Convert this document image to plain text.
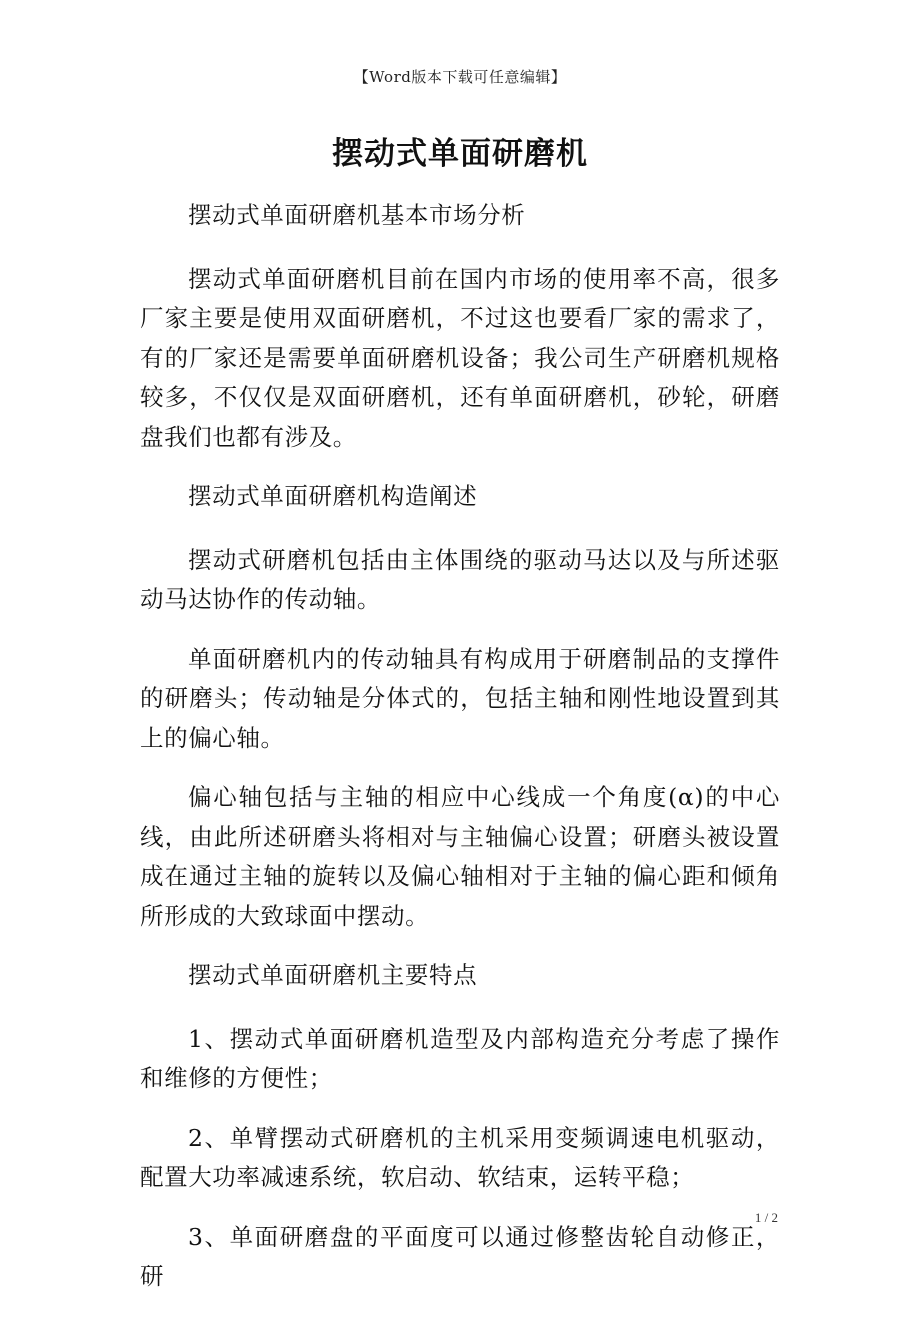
【Word版本下载可任意编辑】
摆动式单面研磨机

摆动式单面研磨机基本市场分析

摆动式单面研磨机目前在国内市场的使用率不高，很多厂家主要是使用双面研磨机，不过这也要看厂家的需求了，有的厂家还是需要单面研磨机设备；我公司生产研磨机规格较多，不仅仅是双面研磨机，还有单面研磨机，砂轮，研磨盘我们也都有涉及。

摆动式单面研磨机构造阐述

摆动式研磨机包括由主体围绕的驱动马达以及与所述驱动马达协作的传动轴。

单面研磨机内的传动轴具有构成用于研磨制品的支撑件的研磨头；传动轴是分体式的，包括主轴和刚性地设置到其上的偏心轴。

偏心轴包括与主轴的相应中心线成一个角度(α)的中心线，由此所述研磨头将相对与主轴偏心设置；研磨头被设置成在通过主轴的旋转以及偏心轴相对于主轴的偏心距和倾角所形成的大致球面中摆动。

摆动式单面研磨机主要特点

1、摆动式单面研磨机造型及内部构造充分考虑了操作和维修的方便性；

2、单臂摆动式研磨机的主机采用变频调速电机驱动，配置大功率减速系统，软启动、软结束，运转平稳；

3、单面研磨盘的平面度可以通过修整齿轮自动修正，研

1 / 2
